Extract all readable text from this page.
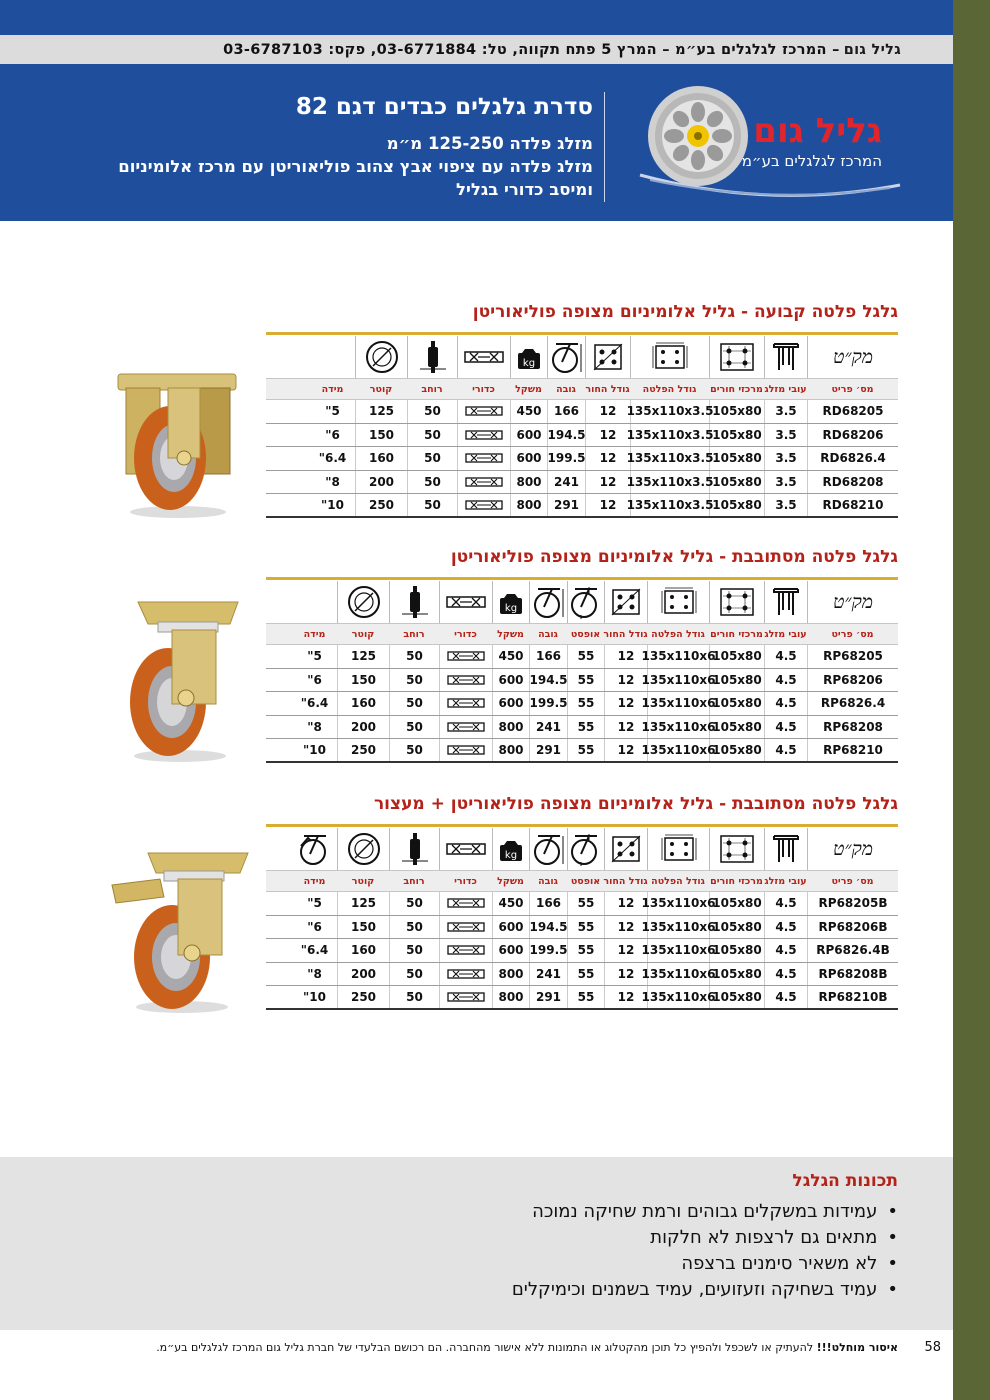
גליל גום
– המרכז לגלגלים בע״מ – המרץ 5 פתח תקווה, טל: 03-6771884, פקס: 03-6787103
סדרת גלגלים כבדים דגם 82
מזלג פלדה 125-250 מ״מ
מזלג פלדה עם ציפוי אבץ צהוב פוליאוריטן עם מרכז אלומיניום
ומיסב כדורי בגליל
גליל גום
המרכז לגלגלים בע״מ
גלגל פלטה קבועה - גליל אלומיניום מצופה פוליאוריטן
מק״ט
kg
מס׳ פריט
עובי מזלג
מרכזי חורים
גודל הפלטה
גודל החור
גובה
משקל
כדורי
רוחב
קוטר
מידה
RD68205
3.5
105x80
135x110x3.5
12
166
450
50
125
5"
RD68206
3.5
105x80
135x110x3.5
12
194.5
600
50
150
6"
RD6826.4
3.5
105x80
135x110x3.5
12
199.5
600
50
160
6.4"
RD68208
3.5
105x80
135x110x3.5
12
241
800
50
200
8"
RD68210
3.5
105x80
135x110x3.5
12
291
800
50
250
10"
גלגל פלטה מסתובבת - גליל אלומיניום מצופה פוליאוריטן
מק״ט
kg
מס׳ פריט
עובי מזלג
מרכזי חורים
גודל הפלטה
גודל החור
אופסט
גובה
משקל
כדורי
רוחב
קוטר
מידה
RP68205
4.5
105x80
135x110x6
12
55
166
450
50
125
5"
RP68206
4.5
105x80
135x110x6
12
55
194.5
600
50
150
6"
RP6826.4
4.5
105x80
135x110x6
12
55
199.5
600
50
160
6.4"
RP68208
4.5
105x80
135x110x6
12
55
241
800
50
200
8"
RP68210
4.5
105x80
135x110x6
12
55
291
800
50
250
10"
גלגל פלטה מסתובבת - גליל אלומיניום מצופה פוליאוריטן + מעצור
מק״ט
kg
מס׳ פריט
עובי מזלג
מרכזי חורים
גודל הפלטה
גודל החור
אופסט
גובה
משקל
כדורי
רוחב
קוטר
מידה
RP68205B
4.5
105x80
135x110x6
12
55
166
450
50
125
5"
RP68206B
4.5
105x80
135x110x6
12
55
194.5
600
50
150
6"
RP6826.4B
4.5
105x80
135x110x6
12
55
199.5
600
50
160
6.4"
RP68208B
4.5
105x80
135x110x6
12
55
241
800
50
200
8"
RP68210B
4.5
105x80
135x110x6
12
55
291
800
50
250
10"
תכונות הגלגל
• עמידות במשקלים גבוהים ורמת שחיקה נמוכה
• מתאים גם לרצפות לא חלקות
• לא משאיר סימנים ברצפה
• עמיד בשחיקה וזעזועים, עמיד בשמנים וכימיקלים
58
איסור מוחלט!!! להעתיק או לשכפל ולהפיץ כל תוכן מהקטלוג או התמונות ללא אישור מהחברה. הם רכושם הבלעדי של חברת גליל גום המרכז לגלגלים בע״מ.
